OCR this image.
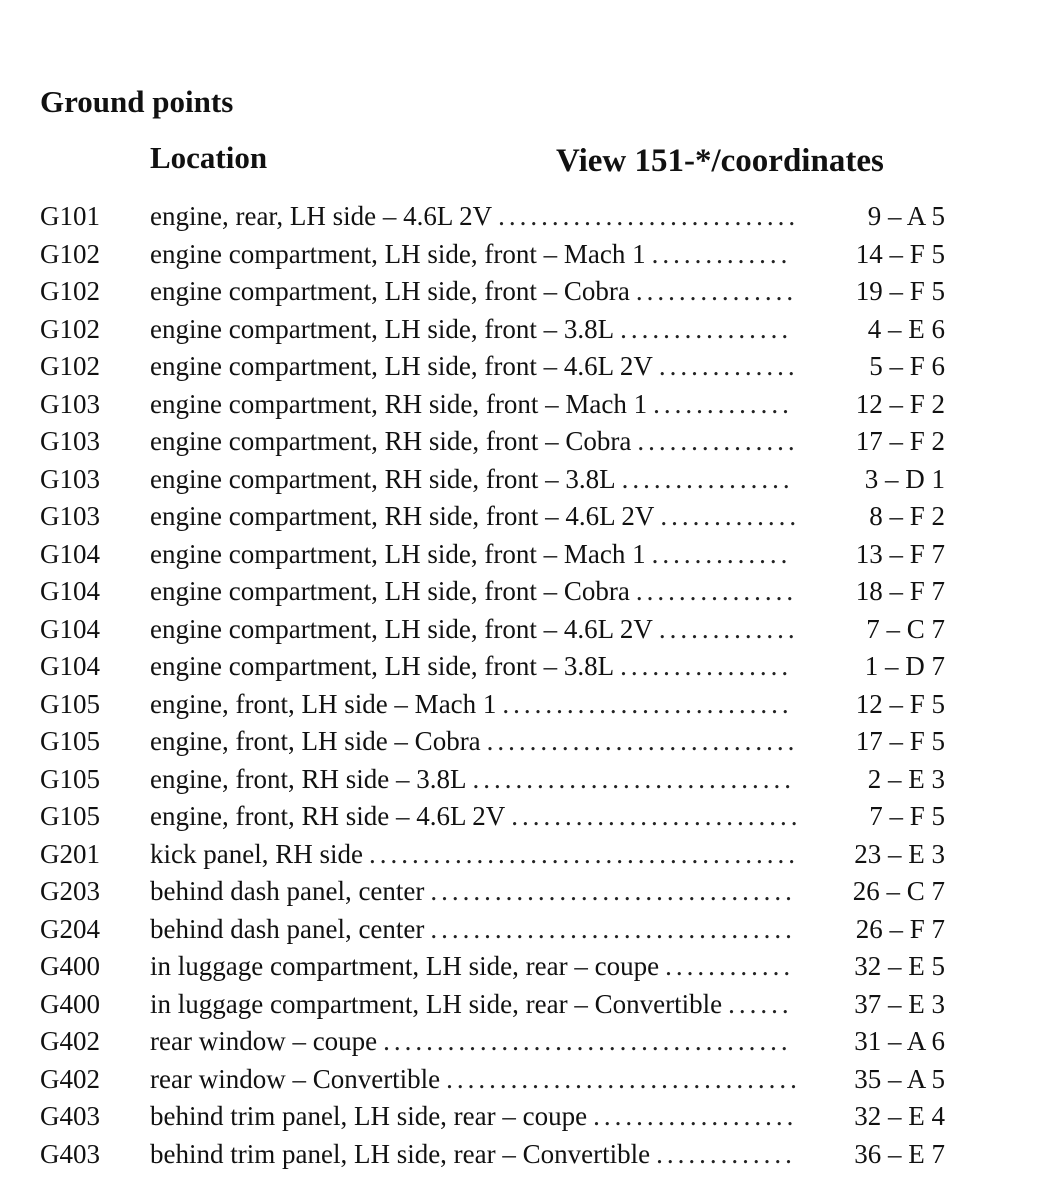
Ground points
Location	View 151-*/coordinates
G101	engine, rear, LH side – 4.6L 2V ............................	9 – A 5
G102	engine compartment, LH side, front – Mach 1 .............	14 – F 5
G102	engine compartment, LH side, front – Cobra ...............	19 – F 5
G102	engine compartment, LH side, front – 3.8L ................	4 – E 6
G102	engine compartment, LH side, front – 4.6L 2V .............	5 – F 6
G103	engine compartment, RH side, front – Mach 1 .............	12 – F 2
G103	engine compartment, RH side, front – Cobra ...............	17 – F 2
G103	engine compartment, RH side, front – 3.8L ................	3 – D 1
G103	engine compartment, RH side, front – 4.6L 2V .............	8 – F 2
G104	engine compartment, LH side, front – Mach 1 .............	13 – F 7
G104	engine compartment, LH side, front – Cobra ...............	18 – F 7
G104	engine compartment, LH side, front – 4.6L 2V .............	7 – C 7
G104	engine compartment, LH side, front – 3.8L ................	1 – D 7
G105	engine, front, LH side – Mach 1 ...........................	12 – F 5
G105	engine, front, LH side – Cobra .............................	17 – F 5
G105	engine, front, RH side – 3.8L ..............................	2 – E 3
G105	engine, front, RH side – 4.6L 2V ...........................	7 – F 5
G201	kick panel, RH side ........................................	23 – E 3
G203	behind dash panel, center ..................................	26 – C 7
G204	behind dash panel, center ..................................	26 – F 7
G400	in luggage compartment, LH side, rear – coupe ............	32 – E 5
G400	in luggage compartment, LH side, rear – Convertible ......	37 – E 3
G402	rear window – coupe ......................................	31 – A 6
G402	rear window – Convertible .................................	35 – A 5
G403	behind trim panel, LH side, rear – coupe ...................	32 – E 4
G403	behind trim panel, LH side, rear – Convertible .............	36 – E 7
